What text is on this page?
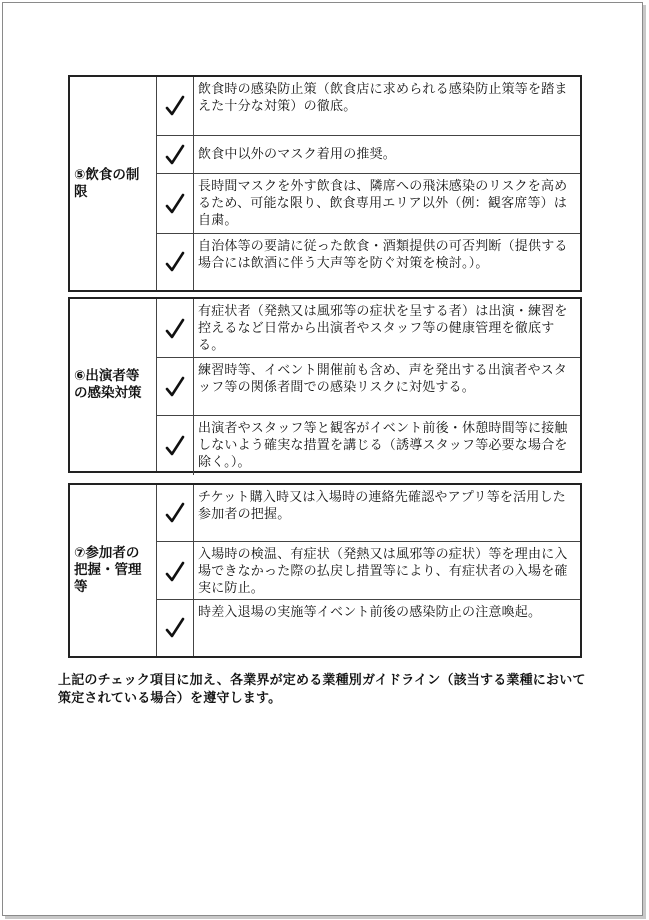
⑤飲食の制限
飲食時の感染防止策（飲食店に求められる感染防止策等を踏まえた十分な対策）の徹底。
飲食中以外のマスク着用の推奨。
長時間マスクを外す飲食は、隣席への飛沫感染のリスクを高めるため、可能な限り、飲食専用エリア以外（例：観客席等）は自粛。
自治体等の要請に従った飲食・酒類提供の可否判断（提供する場合には飲酒に伴う大声等を防ぐ対策を検討。）。
⑥出演者等の感染対策
有症状者（発熱又は風邪等の症状を呈する者）は出演・練習を控えるなど日常から出演者やスタッフ等の健康管理を徹底する。
練習時等、イベント開催前も含め、声を発出する出演者やスタッフ等の関係者間での感染リスクに対処する。
出演者やスタッフ等と観客がイベント前後・休憩時間等に接触しないよう確実な措置を講じる（誘導スタッフ等必要な場合を除く。）。
⑦参加者の把握・管理等
チケット購入時又は入場時の連絡先確認やアプリ等を活用した参加者の把握。
入場時の検温、有症状（発熱又は風邪等の症状）等を理由に入場できなかった際の払戻し措置等により、有症状者の入場を確実に防止。
時差入退場の実施等イベント前後の感染防止の注意喚起。
上記のチェック項目に加え、各業界が定める業種別ガイドライン（該当する業種において策定されている場合）を遵守します。
